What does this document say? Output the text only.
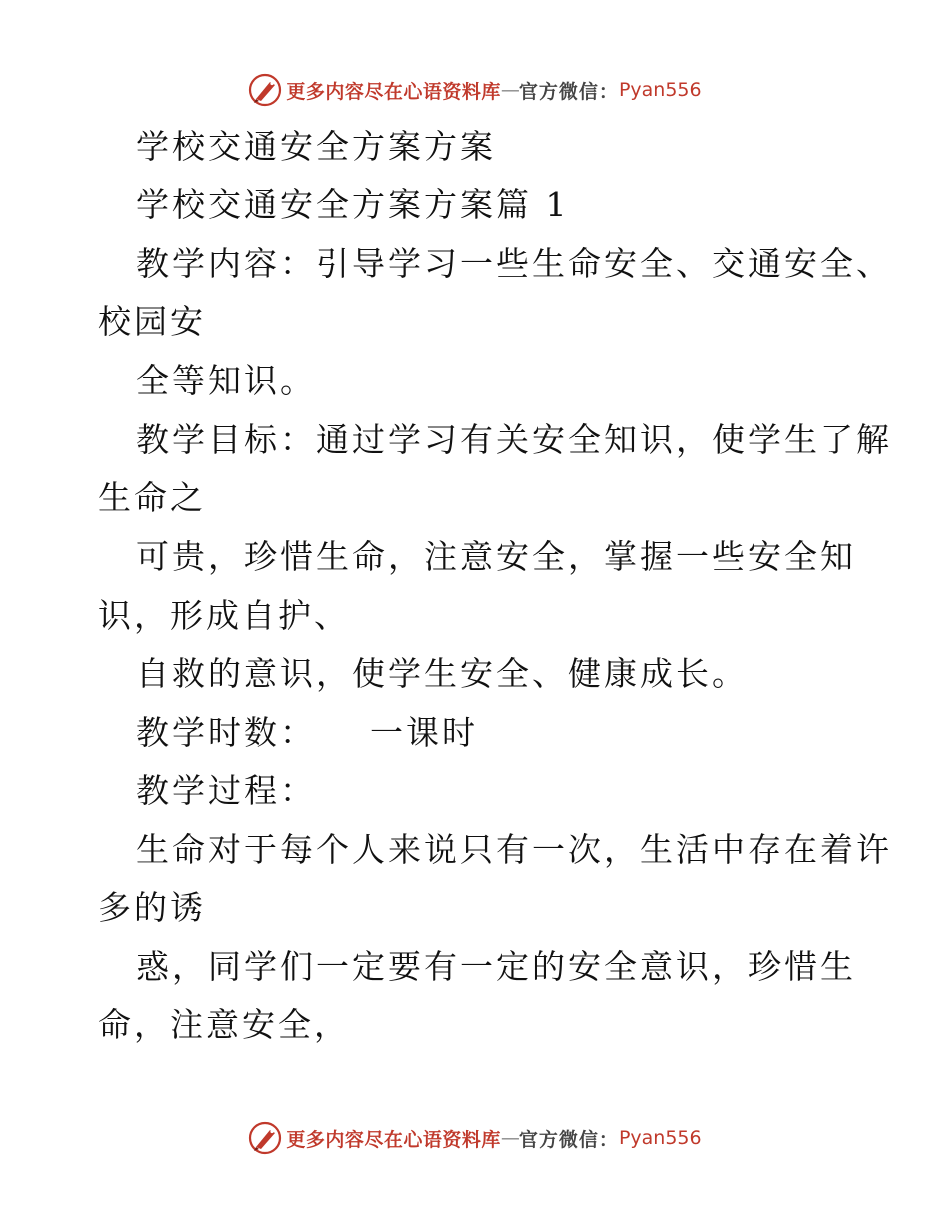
更多内容尽在心语资料库 — 官方微信： Pyan556
学校交通安全方案方案
学校交通安全方案方案篇 1
教学内容：引导学习一些生命安全、交通安全、
校园安
全等知识。
教学目标：通过学习有关安全知识，使学生了解
生命之
可贵，珍惜生命，注意安全，掌握一些安全知
识，形成自护、
自救的意识，使学生安全、健康成长。
教学时数：    一课时
教学过程：
生命对于每个人来说只有一次，生活中存在着许
多的诱
惑，同学们一定要有一定的安全意识，珍惜生
命，注意安全，
更多内容尽在心语资料库 — 官方微信： Pyan556
